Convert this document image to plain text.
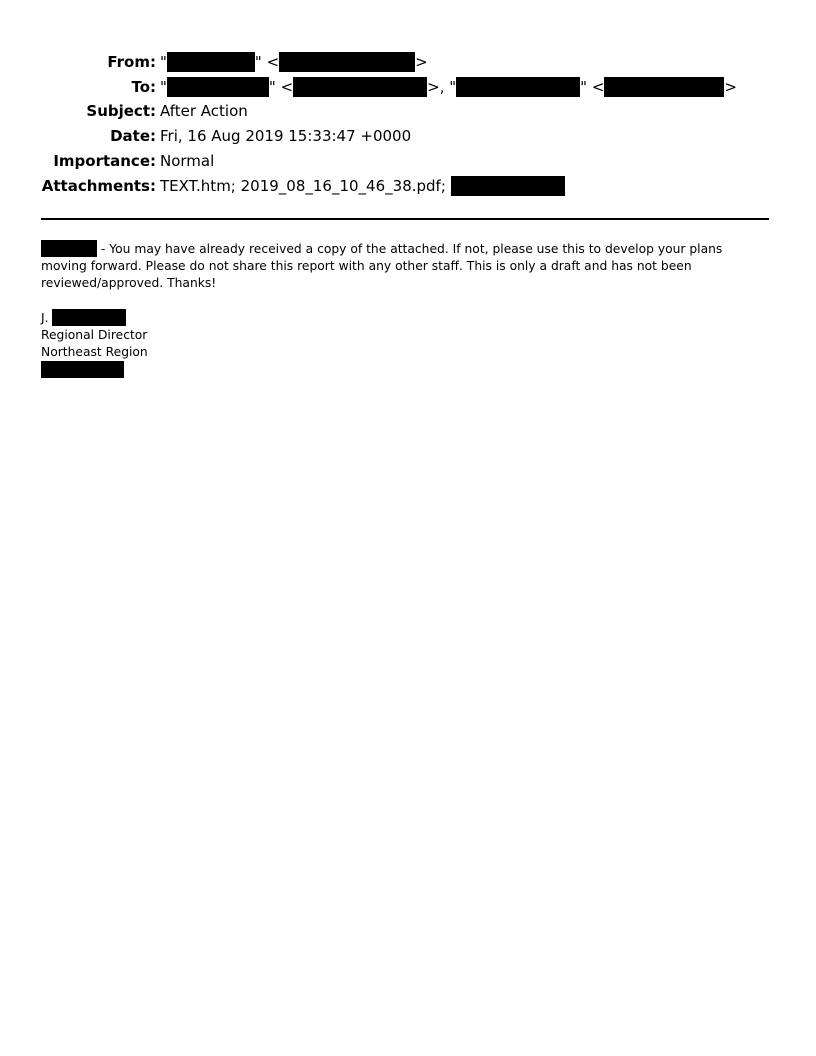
From: "	" <	>
To: "	" <	>, "	" <	>
Subject: After Action
Date: Fri, 16 Aug 2019 15:33:47 +0000
Importance: Normal
Attachments: TEXT.htm; 2019_08_16_10_46_38.pdf;
- You may have already received a copy of the attached. If not, please use this to develop your plans moving forward. Please do not share this report with any other staff. This is only a draft and has not been reviewed/approved. Thanks!
J.
Regional Director
Northeast Region
